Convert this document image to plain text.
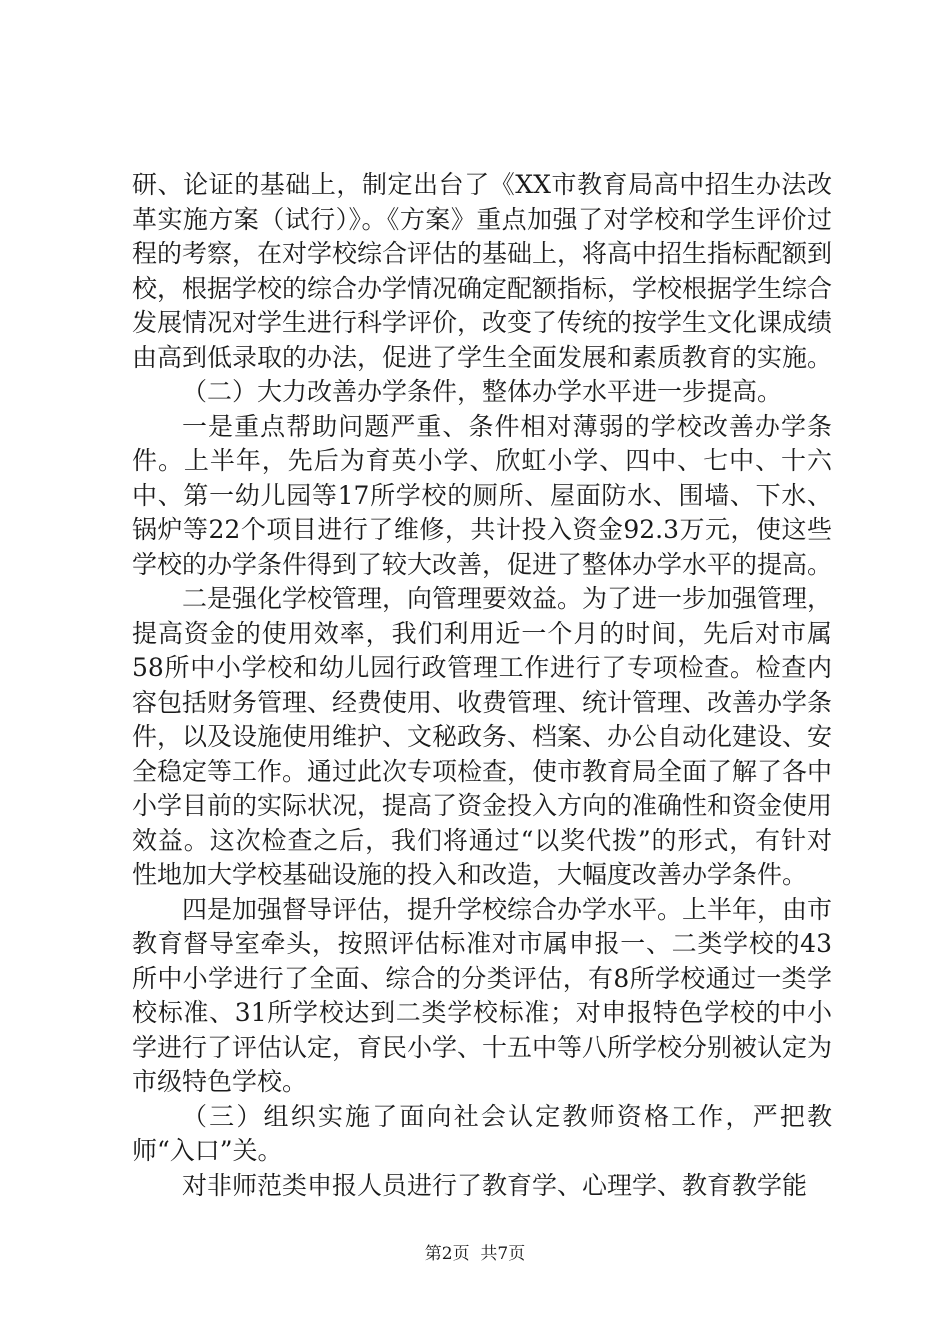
研、论证的基础上，制定出台了《XX市教育局高中招生办法改革实施方案（试行）》。《方案》重点加强了对学校和学生评价过程的考察，在对学校综合评估的基础上，将高中招生指标配额到校，根据学校的综合办学情况确定配额指标，学校根据学生综合发展情况对学生进行科学评价，改变了传统的按学生文化课成绩由高到低录取的办法，促进了学生全面发展和素质教育的实施。

（二）大力改善办学条件，整体办学水平进一步提高。

一是重点帮助问题严重、条件相对薄弱的学校改善办学条件。上半年，先后为育英小学、欣虹小学、四中、七中、十六中、第一幼儿园等17所学校的厕所、屋面防水、围墙、下水、锅炉等22个项目进行了维修，共计投入资金92.3万元，使这些学校的办学条件得到了较大改善，促进了整体办学水平的提高。

二是强化学校管理，向管理要效益。为了进一步加强管理，提高资金的使用效率，我们利用近一个月的时间，先后对市属58所中小学校和幼儿园行政管理工作进行了专项检查。检查内容包括财务管理、经费使用、收费管理、统计管理、改善办学条件，以及设施使用维护、文秘政务、档案、办公自动化建设、安全稳定等工作。通过此次专项检查，使市教育局全面了解了各中小学目前的实际状况，提高了资金投入方向的准确性和资金使用效益。这次检查之后，我们将通过“以奖代拨”的形式，有针对性地加大学校基础设施的投入和改造，大幅度改善办学条件。

四是加强督导评估，提升学校综合办学水平。上半年，由市教育督导室牵头，按照评估标准对市属申报一、二类学校的43所中小学进行了全面、综合的分类评估，有8所学校通过一类学校标准、31所学校达到二类学校标准；对申报特色学校的中小学进行了评估认定，育民小学、十五中等八所学校分别被认定为市级特色学校。

（三）组织实施了面向社会认定教师资格工作，严把教师“入口”关。

对非师范类申报人员进行了教育学、心理学、教育教学能

第2页 共7页
